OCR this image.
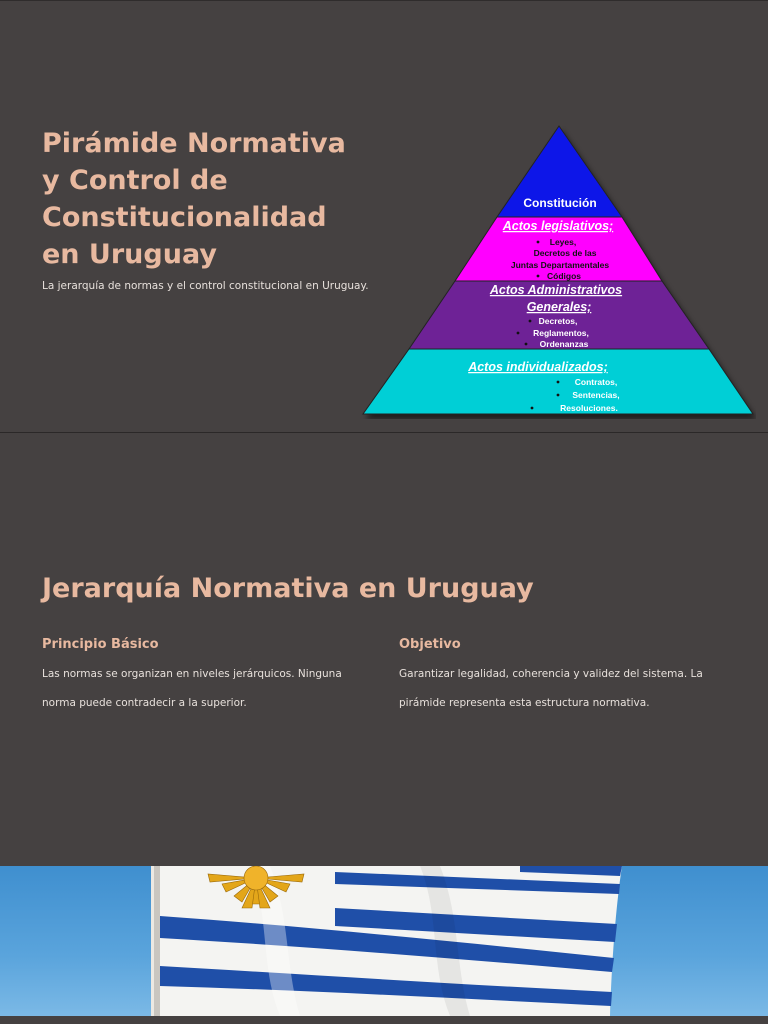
Pirámide Normativa y Control de Constitucionalidad en Uruguay

La jerarquía de normas y el control constitucional en Uruguay.

Constitución
Actos legislativos;
Leyes,
Decretos de las
Juntas Departamentales
Códigos
Actos Administrativos
Generales;
Decretos,
Reglamentos,
Ordenanzas
Actos individualizados;
Contratos,
Sentencias,
Resoluciones.
Jerarquía Normativa en Uruguay
Principio Básico

Las normas se organizan en niveles jerárquicos. Ninguna norma puede contradecir a la superior.

Objetivo

Garantizar legalidad, coherencia y validez del sistema. La pirámide representa esta estructura normativa.
